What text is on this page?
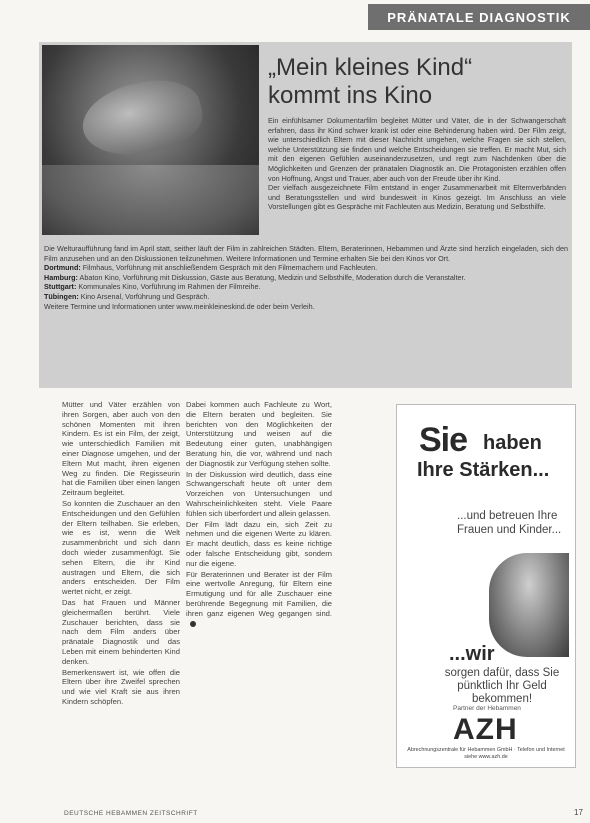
PRÄNATALE DIAGNOSTIK
„Mein kleines Kind“
kommt ins Kino

Ein einfühlsamer Dokumentarfilm begleitet Mütter und Väter, die in der Schwangerschaft erfahren, dass ihr Kind schwer krank ist oder eine Behinderung haben wird. Der Film zeigt, wie unterschiedlich Eltern mit dieser Nachricht umgehen, welche Fragen sie sich stellen, welche Unterstützung sie finden und welche Entscheidungen sie treffen. Er macht Mut, sich mit den eigenen Gefühlen auseinanderzusetzen, und regt zum Nachdenken über die Möglichkeiten und Grenzen der pränatalen Diagnostik an. Die Protagonisten erzählen offen von Hoffnung, Angst und Trauer, aber auch von der Freude über ihr Kind.

Der vielfach ausgezeichnete Film entstand in enger Zusammenarbeit mit Elternverbänden und Beratungsstellen und wird bundesweit in Kinos gezeigt. Im Anschluss an viele Vorstellungen gibt es Gespräche mit Fachleuten aus Medizin, Beratung und Selbsthilfe.

Die Welturaufführung fand im April statt, seither läuft der Film in zahlreichen Städten. Eltern, Beraterinnen, Hebammen und Ärzte sind herzlich eingeladen, sich den Film anzusehen und an den Diskussionen teilzunehmen. Weitere Informationen und Termine erhalten Sie bei den Kinos vor Ort.

Dortmund: Filmhaus, Vorführung mit anschließendem Gespräch mit den Filmemachern und Fachleuten.

Hamburg: Abaton Kino, Vorführung mit Diskussion, Gäste aus Beratung, Medizin und Selbsthilfe, Moderation durch die Veranstalter.

Stuttgart: Kommunales Kino, Vorführung im Rahmen der Filmreihe.

Tübingen: Kino Arsenal, Vorführung und Gespräch.

Weitere Termine und Informationen unter www.meinkleineskind.de oder beim Verleih.

Mütter und Väter erzählen von ihren Sorgen, aber auch von den schönen Momenten mit ihren Kindern. Es ist ein Film, der zeigt, wie unterschiedlich Familien mit einer Diagnose umgehen, und der Eltern Mut macht, ihren eigenen Weg zu finden. Die Regisseurin hat die Familien über einen langen Zeitraum begleitet.

So konnten die Zuschauer an den Entscheidungen und den Gefühlen der Eltern teilhaben. Sie erleben, wie es ist, wenn die Welt zusammenbricht und sich dann doch wieder zusammenfügt. Sie sehen Eltern, die ihr Kind austragen und Eltern, die sich anders entscheiden. Der Film wertet nicht, er zeigt.

Das hat Frauen und Männer gleichermaßen berührt. Viele Zuschauer berichten, dass sie nach dem Film anders über pränatale Diagnostik und das Leben mit einem behinderten Kind denken.

Bemerkenswert ist, wie offen die Eltern über ihre Zweifel sprechen und wie viel Kraft sie aus ihren Kindern schöpfen.

Dabei kommen auch Fachleute zu Wort, die Eltern beraten und begleiten. Sie berichten von den Möglichkeiten der Unterstützung und weisen auf die Bedeutung einer guten, unabhängigen Beratung hin, die vor, während und nach der Diagnostik zur Verfügung stehen sollte.

In der Diskussion wird deutlich, dass eine Schwangerschaft heute oft unter dem Vorzeichen von Untersuchungen und Wahrscheinlichkeiten steht. Viele Paare fühlen sich überfordert und allein gelassen.

Der Film lädt dazu ein, sich Zeit zu nehmen und die eigenen Werte zu klären. Er macht deutlich, dass es keine richtige oder falsche Entscheidung gibt, sondern nur die eigene.

Für Beraterinnen und Berater ist der Film eine wertvolle Anregung, für Eltern eine Ermutigung und für alle Zuschauer eine berührende Begegnung mit Familien, die ihren ganz eigenen Weg gegangen sind.

Sie haben
Ihre Stärken...
...und betreuen Ihre Frauen und Kinder...
...wir
sorgen dafür, dass Sie pünktlich Ihr Geld bekommen!
Partner der Hebammen
AZH
Abrechnungszentrale für Hebammen GmbH · Telefon und Internet siehe www.azh.de
DEUTSCHE HEBAMMEN ZEITSCHRIFT	17
